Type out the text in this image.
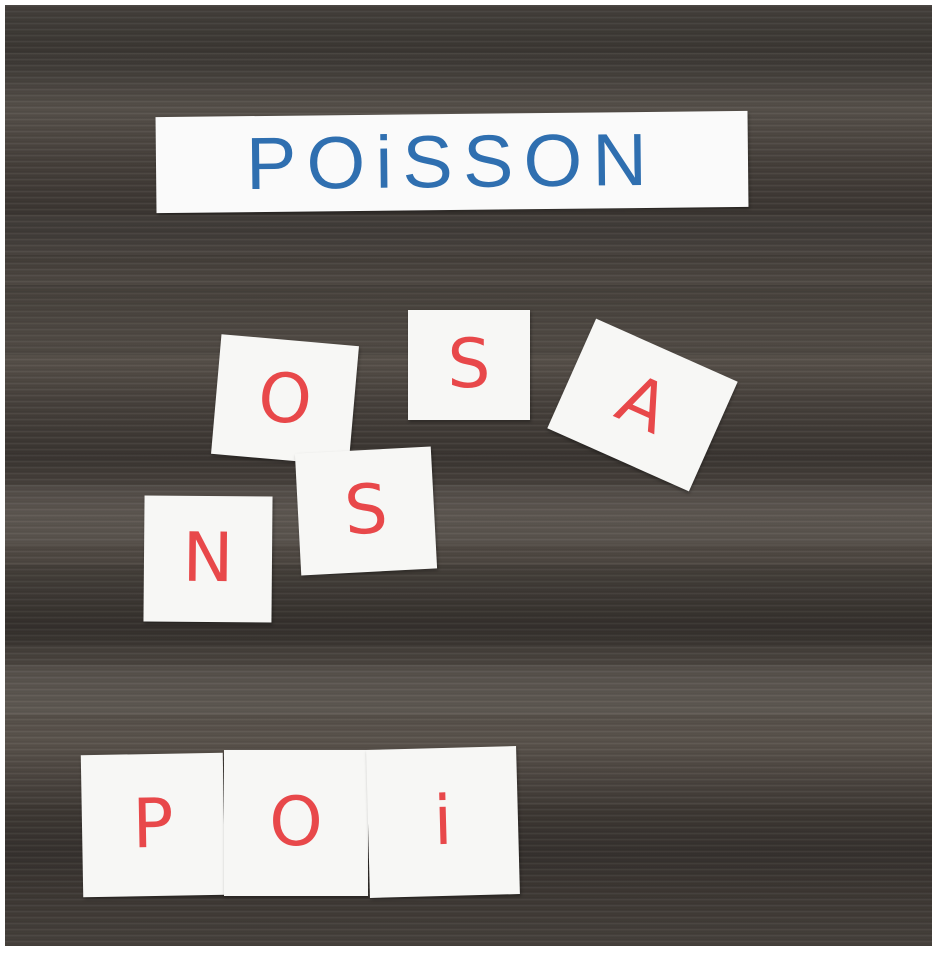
POiSSON
O S A
S
N
P O i
